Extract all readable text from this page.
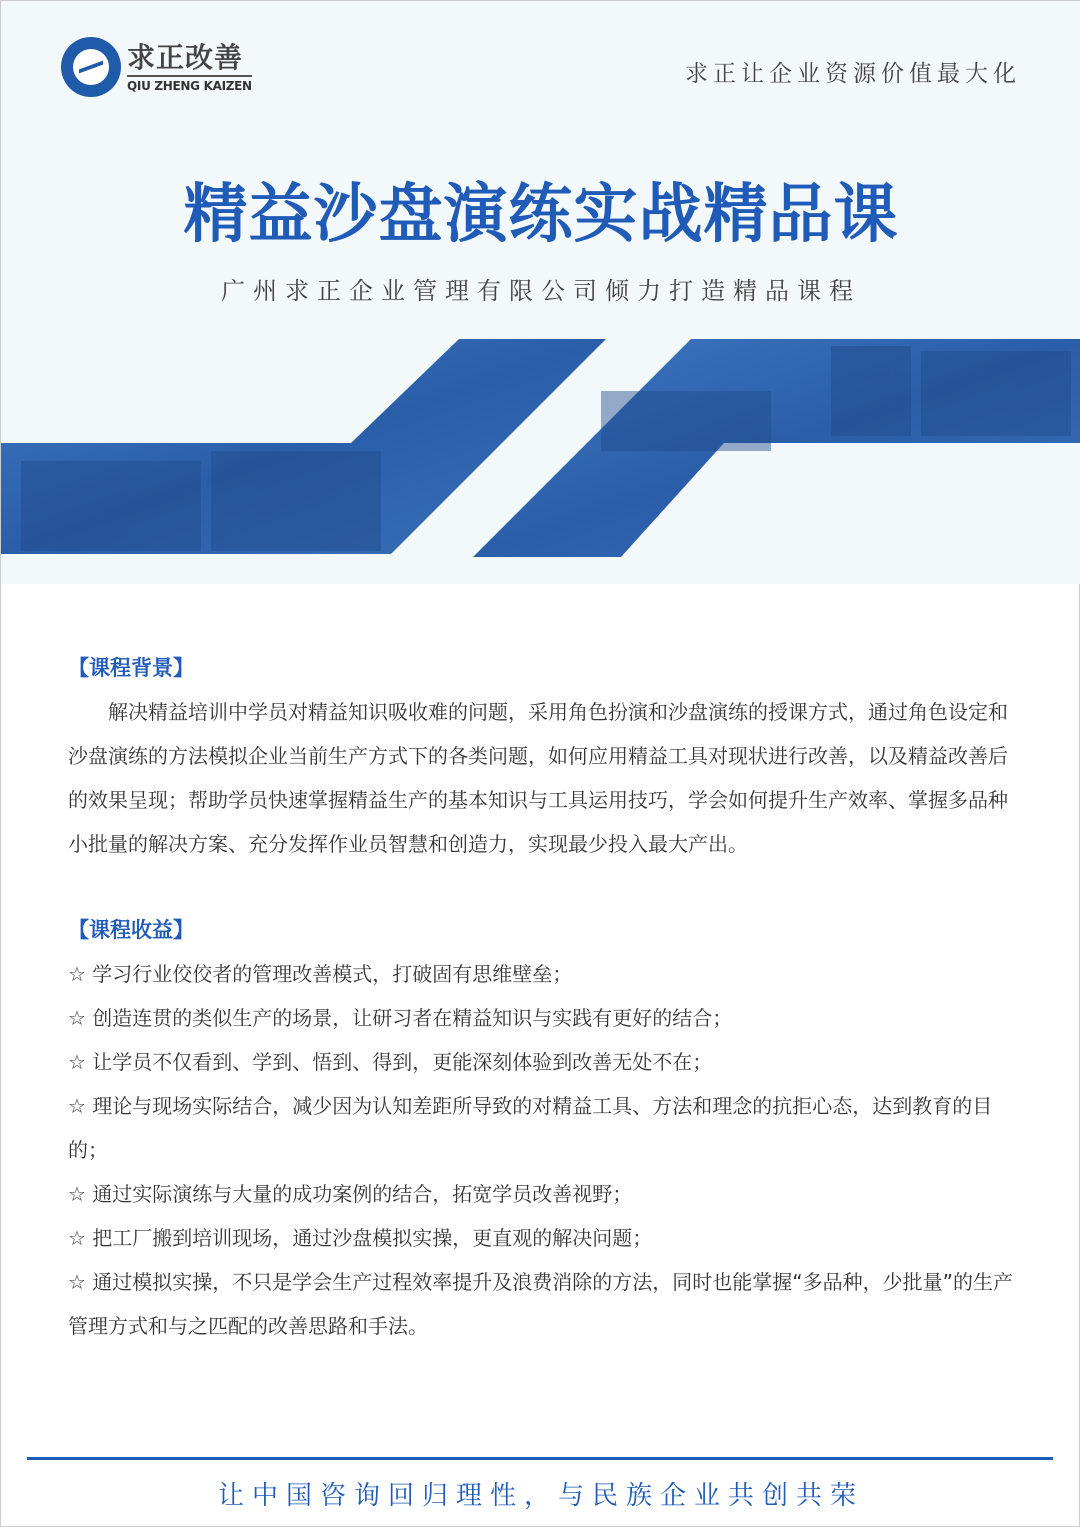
求正改善
QIU ZHENG KAIZEN	求正让企业资源价值最大化
精益沙盘演练实战精品课
广州求正企业管理有限公司倾力打造精品课程
【课程背景】
解决精益培训中学员对精益知识吸收难的问题，采用角色扮演和沙盘演练的授课方式，通过角色设定和沙盘演练的方法模拟企业当前生产方式下的各类问题，如何应用精益工具对现状进行改善，以及精益改善后的效果呈现；帮助学员快速掌握精益生产的基本知识与工具运用技巧，学会如何提升生产效率、掌握多品种小批量的解决方案、充分发挥作业员智慧和创造力，实现最少投入最大产出。
【课程收益】
☆ 学习行业佼佼者的管理改善模式，打破固有思维壁垒；
☆ 创造连贯的类似生产的场景，让研习者在精益知识与实践有更好的结合；
☆ 让学员不仅看到、学到、悟到、得到，更能深刻体验到改善无处不在；
☆ 理论与现场实际结合，减少因为认知差距所导致的对精益工具、方法和理念的抗拒心态，达到教育的目的；
☆ 通过实际演练与大量的成功案例的结合，拓宽学员改善视野；
☆ 把工厂搬到培训现场，通过沙盘模拟实操，更直观的解决问题；
☆ 通过模拟实操，不只是学会生产过程效率提升及浪费消除的方法，同时也能掌握“多品种，少批量”的生产管理方式和与之匹配的改善思路和手法。
让中国咨询回归理性，与民族企业共创共荣
